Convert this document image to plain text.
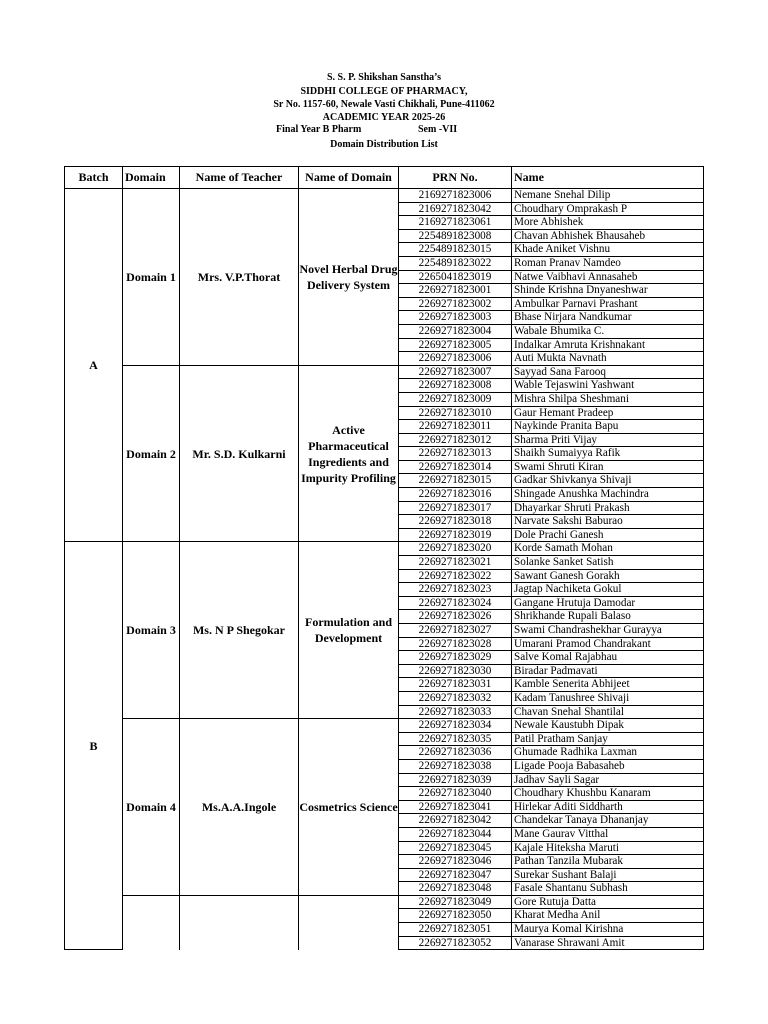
S. S. P. Shikshan Sanstha’s
SIDDHI COLLEGE OF PHARMACY,
Sr No. 1157-60, Newale Vasti Chikhali, Pune-411062
ACADEMIC YEAR 2025-26
Final Year B Pharm	Sem -VII
Domain Distribution List
Batch	Domain	Name of Teacher	Name of Domain	PRN No.	Name
A	Domain 1	Mrs. V.P.Thorat	Novel Herbal Drug Delivery System	2169271823006	Nemane Snehal Dilip
				2169271823042	Choudhary Omprakash P
				2169271823061	More Abhishek
				2254891823008	Chavan Abhishek Bhausaheb
				2254891823015	Khade Aniket Vishnu
				2254891823022	Roman Pranav Namdeo
				2265041823019	Natwe Vaibhavi Annasaheb
				2269271823001	Shinde Krishna Dnyaneshwar
				2269271823002	Ambulkar Parnavi Prashant
				2269271823003	Bhase Nirjara Nandkumar
				2269271823004	Wabale Bhumika C.
				2269271823005	Indalkar Amruta Krishnakant
				2269271823006	Auti Mukta Navnath
	Domain 2	Mr. S.D. Kulkarni	Active Pharmaceutical Ingredients and Impurity Profiling	2269271823007	Sayyad Sana Farooq
				2269271823008	Wable Tejaswini Yashwant
				2269271823009	Mishra Shilpa Sheshmani
				2269271823010	Gaur Hemant Pradeep
				2269271823011	Naykinde Pranita Bapu
				2269271823012	Sharma Priti Vijay
				2269271823013	Shaikh Sumaiyya Rafik
				2269271823014	Swami Shruti Kiran
				2269271823015	Gadkar Shivkanya Shivaji
				2269271823016	Shingade Anushka Machindra
				2269271823017	Dhayarkar Shruti Prakash
				2269271823018	Narvate Sakshi Baburao
				2269271823019	Dole Prachi Ganesh
B	Domain 3	Ms. N P Shegokar	Formulation and Development	2269271823020	Korde Samath Mohan
				2269271823021	Solanke Sanket Satish
				2269271823022	Sawant Ganesh Gorakh
				2269271823023	Jagtap Nachiketa Gokul
				2269271823024	Gangane Hrutuja Damodar
				2269271823026	Shrikhande Rupali Balaso
				2269271823027	Swami Chandrashekhar Gurayya
				2269271823028	Umarani Pramod Chandrakant
				2269271823029	Salve Komal Rajabhau
				2269271823030	Biradar Padmavati
				2269271823031	Kamble Senerita Abhijeet
				2269271823032	Kadam Tanushree Shivaji
				2269271823033	Chavan Snehal Shantilal
	Domain 4	Ms.A.A.Ingole	Cosmetrics Science	2269271823034	Newale Kaustubh Dipak
				2269271823035	Patil Pratham Sanjay
				2269271823036	Ghumade Radhika Laxman
				2269271823038	Ligade Pooja Babasaheb
				2269271823039	Jadhav Sayli Sagar
				2269271823040	Choudhary Khushbu Kanaram
				2269271823041	Hirlekar Aditi Siddharth
				2269271823042	Chandekar Tanaya Dhananjay
				2269271823044	Mane Gaurav Vitthal
				2269271823045	Kajale Hiteksha Maruti
				2269271823046	Pathan Tanzila Mubarak
				2269271823047	Surekar Sushant Balaji
				2269271823048	Fasale Shantanu Subhash
				2269271823049	Gore Rutuja Datta
				2269271823050	Kharat Medha Anil
				2269271823051	Maurya Komal Kirishna
				2269271823052	Vanarase Shrawani Amit
